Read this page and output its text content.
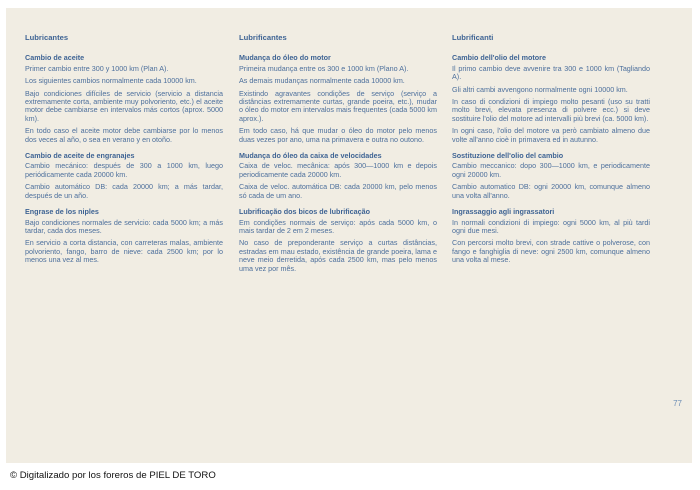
Lubricantes
Cambio de aceite

Primer cambio entre 300 y 1000 km (Plan A).

Los siguientes cambios normalmente cada 10000 km.

Bajo condiciones difíciles de servicio (servicio a distancia extremamente corta, ambiente muy polvoriento, etc.) el aceite motor debe cambiarse en intervalos más cortos (aprox. 5000 km).

En todo caso el aceite motor debe cambiarse por lo menos dos veces al año, o sea en verano y en otoño.

Cambio de aceite de engranajes

Cambio mecánico: después de 300 a 1000 km, luego periódicamente cada 20000 km.

Cambio automático DB: cada 20000 km; a más tardar, después de un año.

Engrase de los niples

Bajo condiciones normales de servicio: cada 5000 km; a más tardar, cada dos meses.

En servicio a corta distancia, con carreteras malas, ambiente polvoriento, fango, barro de nieve: cada 2500 km; por lo menos una vez al mes.

Lubrificantes
Mudança do óleo do motor

Primeira mudança entre os 300 e 1000 km (Plano A).

As demais mudanças normalmente cada 10000 km.

Existindo agravantes condições de serviço (serviço a distâncias extremamente curtas, grande poeira, etc.), mudar o óleo do motor em intervalos mais frequentes (cada 5000 km aprox.).

Em todo caso, há que mudar o óleo do motor pelo menos duas vezes por ano, uma na primavera e outra no outono.

Mudança do óleo da caixa de velocidades

Caixa de veloc. mecânica: após 300—1000 km e depois periodicamente cada 20000 km.

Caixa de veloc. automática DB: cada 20000 km, pelo menos só cada de um ano.

Lubrificação dos bicos de lubrificação

Em condições normais de serviço: após cada 5000 km, o mais tardar de 2 em 2 meses.

No caso de preponderante serviço a curtas distâncias, estradas em mau estado, existência de grande poeira, lama e neve meio derretida, após cada 2500 km, mas pelo menos uma vez por mês.

Lubrificanti
Cambio dell'olio del motore

Il primo cambio deve avvenire tra 300 e 1000 km (Tagliando A).

Gli altri cambi avvengono normalmente ogni 10000 km.

In caso di condizioni di impiego molto pesanti (uso su tratti molto brevi, elevata presenza di polvere ecc.) si deve sostituire l'olio del motore ad intervalli più brevi (ca. 5000 km).

In ogni caso, l'olio del motore va però cambiato almeno due volte all'anno cioè in primavera ed in autunno.

Sostituzione dell'olio del cambio

Cambio meccanico: dopo 300—1000 km, e periodicamente ogni 20000 km.

Cambio automatico DB: ogni 20000 km, comunque almeno una volta all'anno.

Ingrassaggio agli ingrassatori

In normali condizioni di impiego: ogni 5000 km, al più tardi ogni due mesi.

Con percorsi molto brevi, con strade cattive o polverose, con fango e fanghiglia di neve: ogni 2500 km, comunque almeno una volta al mese.

77
© Digitalizado por los foreros de PIEL DE TORO
